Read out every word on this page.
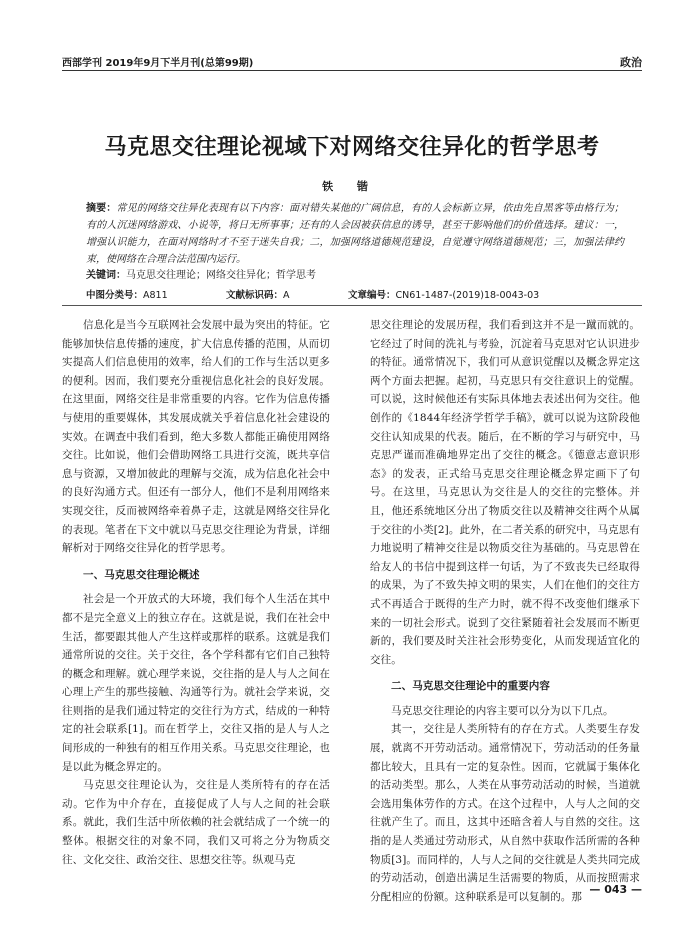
西部学刊 2019年9月下半月刊(总第99期)	政治
马克思交往理论视域下对网络交往异化的哲学思考
铁 锴
摘要：常见的网络交往异化表现有以下内容：面对错失某他的广阔信息，有的人会标新立异，依由先自黑客等由格行为；有的人沉迷网络游戏、小说等，将日无所事事；还有的人会因被获信息的诱导，甚至干影响他们的价值选择。建议：一，增强认识能力，在面对网络时才不至于迷失自我；二，加强网络道德规范建设，自觉遵守网络道德规范；三，加强法律约束，使网络在合理合法范围内运行。
关键词：马克思交往理论；网络交往异化；哲学思考
中图分类号：A811	文献标识码：A	文章编号：CN61-1487-(2019)18-0043-03

信息化是当今互联网社会发展中最为突出的特征。它能够加快信息传播的速度，扩大信息传播的范围，从而切实提高人们信息使用的效率，给人们的工作与生活以更多的便利。因而，我们要充分重视信息化社会的良好发展。在这里面，网络交往是非常重要的内容。它作为信息传播与使用的重要媒体，其发展成就关乎着信息化社会建设的实效。在调查中我们看到，绝大多数人都能正确使用网络交往。比如说，他们会借助网络工具进行交流，既共享信息与资源，又增加彼此的理解与交流，成为信息化社会中的良好沟通方式。但还有一部分人，他们不是利用网络来实现交往，反而被网络牵着鼻子走，这就是网络交往异化的表现。笔者在下文中就以马克思交往理论为背景，详细解析对于网络交往异化的哲学思考。

一、马克思交往理论概述

社会是一个开放式的大环境，我们每个人生活在其中都不是完全意义上的独立存在。这就是说，我们在社会中生活，都要跟其他人产生这样或那样的联系。这就是我们通常所说的交往。关于交往，各个学科都有它们自己独特的概念和理解。就心理学来说，交往指的是人与人之间在心理上产生的那些接触、沟通等行为。就社会学来说，交往则指的是我们通过特定的交往行为方式，结成的一种特定的社会联系[1]。而在哲学上，交往又指的是人与人之间形成的一种独有的相互作用关系。马克思交往理论，也是以此为概念界定的。

马克思交往理论认为，交往是人类所特有的存在活动。它作为中介存在，直接促成了人与人之间的社会联系。就此，我们生活中所依赖的社会就结成了一个统一的整体。根据交往的对象不同，我们又可将之分为物质交往、文化交往、政治交往、思想交往等。纵观马克

思交往理论的发展历程，我们看到这并不是一蹴而就的。它经过了时间的洗礼与考验，沉淀着马克思对它认识进步的特征。通常情况下，我们可从意识觉醒以及概念界定这两个方面去把握。起初，马克思只有交往意识上的觉醒。可以说，这时候他还有实际具体地去表述出何为交往。他创作的《1844年经济学哲学手稿》，就可以说为这阶段他交往认知成果的代表。随后，在不断的学习与研究中，马克思严谨而准确地界定出了交往的概念。《德意志意识形态》的发表，正式给马克思交往理论概念界定画下了句号。在这里，马克思认为交往是人的交往的完整体。并且，他还系统地区分出了物质交往以及精神交往两个从属于交往的小类[2]。此外，在二者关系的研究中，马克思有力地说明了精神交往是以物质交往为基础的。马克思曾在给友人的书信中提到这样一句话，为了不致丧失已经取得的成果，为了不致失掉文明的果实，人们在他们的交往方式不再适合于既得的生产力时，就不得不改变他们继承下来的一切社会形式。说到了交往紧随着社会发展而不断更新的，我们要及时关注社会形势变化，从而发现适宜化的交往。

二、马克思交往理论中的重要内容

马克思交往理论的内容主要可以分为以下几点。

其一，交往是人类所特有的存在方式。人类要生存发展，就离不开劳动活动。通常情况下，劳动活动的任务量都比较大，且具有一定的复杂性。因而，它就属于集体化的活动类型。那么，人类在从事劳动活动的时候，当道就会选用集体劳作的方式。在这个过程中，人与人之间的交往就产生了。而且，这其中还暗含着人与自然的交往。这指的是人类通过劳动形式，从自然中获取作活所需的各种物质[3]。而同样的，人与人之间的交往就是人类共同完成的劳动活动，创造出满足生活需要的物质，从而按照需求分配相应的份额。这种联系是可以复制的。那

— 043 —
